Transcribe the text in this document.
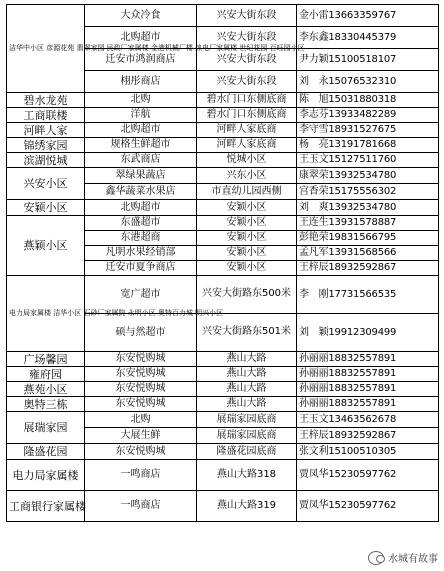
洁华中小区 彦源花苑 翡翠家园 民政厂家属楼 金港机械厂楼 热电厂家属楼 世纪花园 百旺园小区	大众冷食	兴安大街东段	金小雷13663359767
	北购超市	兴安大街东段	李东鑫18330445379
	迁安市鸿润商店	兴安大街东段	尹力颖15100518107
	栩彤商店	兴安大街东段	刘　永15076532310
碧水龙苑	北购	碧水门口东侧底商	陈　旭15031880318
工商联楼	洋航	碧水门口东侧底商	李志芬13933482289
河畔人家	北购超市	河畔人家底商	李守雪18931527675
锦绣家园	规格生鲜超市	河畔人家底商	杨　亮13191781668
滨湖悦城	东武商店	悦城小区	王玉文15127511760
兴安小区	翠绿果蔬店	兴东小区	康翠荣13932534780
	鑫华蔬菜水果店	市直幼儿园西侧	宫香荣15175556302
安颖小区	北购超市	安颖小区	刘　爽13932534780
燕颖小区	东盛超市	安颖小区	王连生13931578887
	东港超商	安颖小区	彭艳荣19831566795
	凡明水果经销部	安颖小区	孟凡军13931568566
	迁安市夏争商店	安颖小区	王梓辰18932592867
电力局家属楼 洁华小区 石砂厂家属院 永明小区 奥特百力城 明兴小区	宽广超市	兴安大街路东500米	李　刚17731566535
	硕与然超市	兴安大街路东501米	刘　颖19912309499
广场馨园	东安悦购城	燕山大路	孙丽丽18832557891
雍府园	东安悦购城	燕山大路	孙丽丽18832557891
燕苑小区	东安悦购城	燕山大路	孙丽丽18832557891
奥特三栋	东安悦购城	燕山大路	孙丽丽18832557891
展瑞家园	北购	展瑞家园底商	王玉文13463562678
	大展生鲜	展瑞家园底商	王梓辰18932592867
隆盛花园	东安悦购城	隆盛花园底商	张文利15100510305
电力局家属楼	一鸣商店	燕山大路318	贾凤华15230597762
工商银行家属楼	一鸣商店	燕山大路319	贾凤华15230597762
水城有故事
